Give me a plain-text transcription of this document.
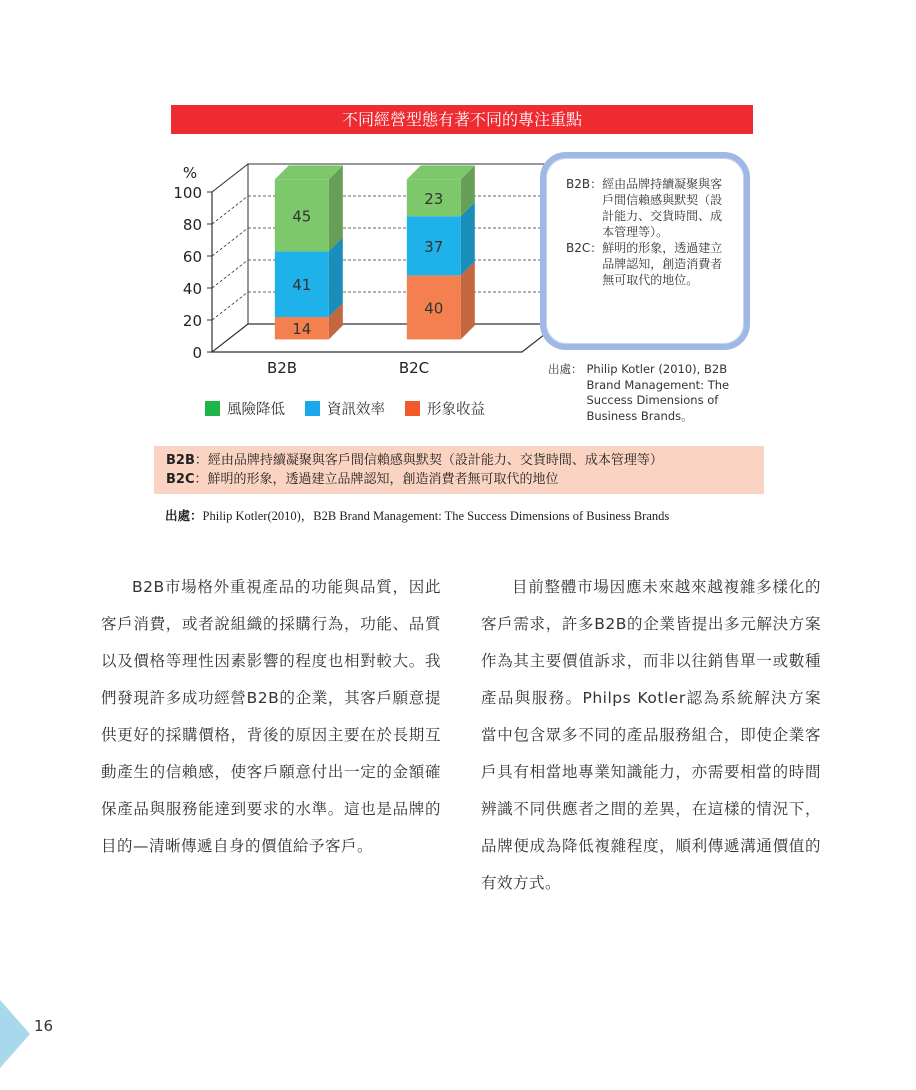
不同經營型態有著不同的專注重點
0
20
40
60
80
100
%
14
41
45
B2B
40
37
23
B2C
B2B： 經由品牌持續凝聚與客戶間信賴感與默契（設計能力、交貨時間、成本管理等）。
B2C： 鮮明的形象，透過建立品牌認知，創造消費者無可取代的地位。
出處： Philip Kotler (2010), B2B Brand Management: The Success Dimensions of Business Brands。
風險降低	資訊效率	形象收益
B2B：經由品牌持續凝聚與客戶間信賴感與默契（設計能力、交貨時間、成本管理等）
B2C：鮮明的形象，透過建立品牌認知，創造消費者無可取代的地位
出處：Philip Kotler(2010)，B2B Brand Management: The Success Dimensions of Business Brands
B2B市場格外重視產品的功能與品質，因此客戶消費，或者說組織的採購行為，功能、品質以及價格等理性因素影響的程度也相對較大。我們發現許多成功經營B2B的企業，其客戶願意提供更好的採購價格，背後的原因主要在於長期互動產生的信賴感，使客戶願意付出一定的金額確保產品與服務能達到要求的水準。這也是品牌的目的—清晰傳遞自身的價值給予客戶。
目前整體市場因應未來越來越複雜多樣化的客戶需求，許多B2B的企業皆提出多元解決方案作為其主要價值訴求，而非以往銷售單一或數種產品與服務。Philps Kotler認為系統解決方案當中包含眾多不同的產品服務組合，即使企業客戶具有相當地專業知識能力，亦需要相當的時間辨識不同供應者之間的差異，在這樣的情況下，品牌便成為降低複雜程度，順利傳遞溝通價值的有效方式。
16
